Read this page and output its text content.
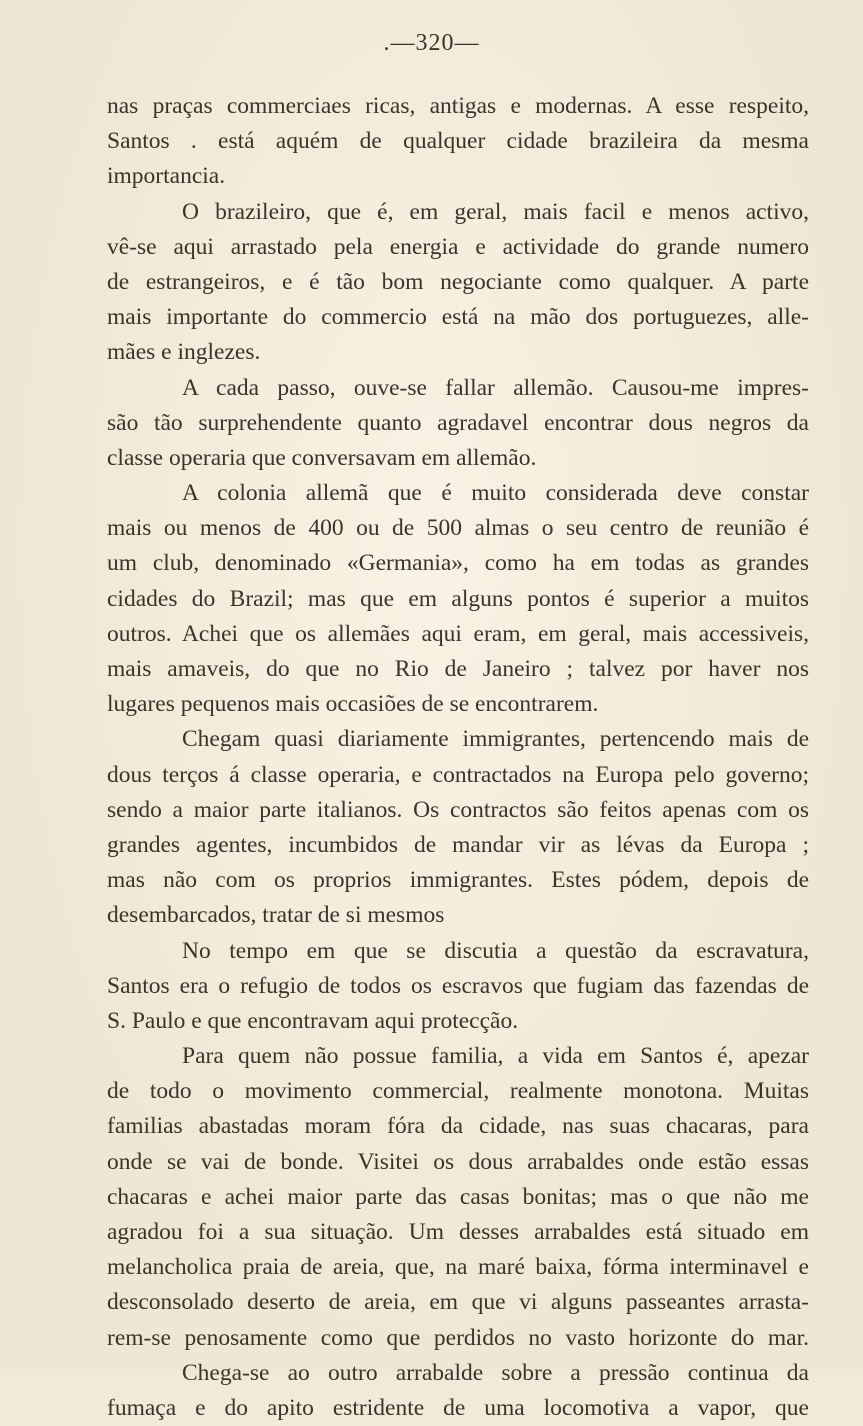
.—320—
nas praças commerciaes ricas, antigas e modernas. A esse respeito,
Santos . está aquém de qualquer cidade brazileira da mesma
importancia.
O brazileiro, que é, em geral, mais facil e menos activo,
vê-se aqui arrastado pela energia e actividade do grande numero
de estrangeiros, e é tão bom negociante como qualquer. A parte
mais importante do commercio está na mão dos portuguezes, alle-
mães e inglezes.
A cada passo, ouve-se fallar allemão. Causou-me impres-
são tão surprehendente quanto agradavel encontrar dous negros da
classe operaria que conversavam em allemão.
A colonia allemã que é muito considerada deve constar
mais ou menos de 400 ou de 500 almas o seu centro de reunião é
um club, denominado «Germania», como ha em todas as grandes
cidades do Brazil; mas que em alguns pontos é superior a muitos
outros. Achei que os allemães aqui eram, em geral, mais accessiveis,
mais amaveis, do que no Rio de Janeiro ; talvez por haver nos
lugares pequenos mais occasiões de se encontrarem.
Chegam quasi diariamente immigrantes, pertencendo mais de
dous terços á classe operaria, e contractados na Europa pelo governo;
sendo a maior parte italianos. Os contractos são feitos apenas com os
grandes agentes, incumbidos de mandar vir as lévas da Europa ;
mas não com os proprios immigrantes. Estes pódem, depois de
desembarcados, tratar de si mesmos
No tempo em que se discutia a questão da escravatura,
Santos era o refugio de todos os escravos que fugiam das fazendas de
S. Paulo e que encontravam aqui protecção.
Para quem não possue familia, a vida em Santos é, apezar
de todo o movimento commercial, realmente monotona. Muitas
familias abastadas moram fóra da cidade, nas suas chacaras, para
onde se vai de bonde. Visitei os dous arrabaldes onde estão essas
chacaras e achei maior parte das casas bonitas; mas o que não me
agradou foi a sua situação. Um desses arrabaldes está situado em
melancholica praia de areia, que, na maré baixa, fórma interminavel e
desconsolado deserto de areia, em que vi alguns passeantes arrasta-
rem-se penosamente como que perdidos no vasto horizonte do mar.
Chega-se ao outro arrabalde sobre a pressão continua da
fumaça e do apito estridente de uma locomotiva a vapor, que
